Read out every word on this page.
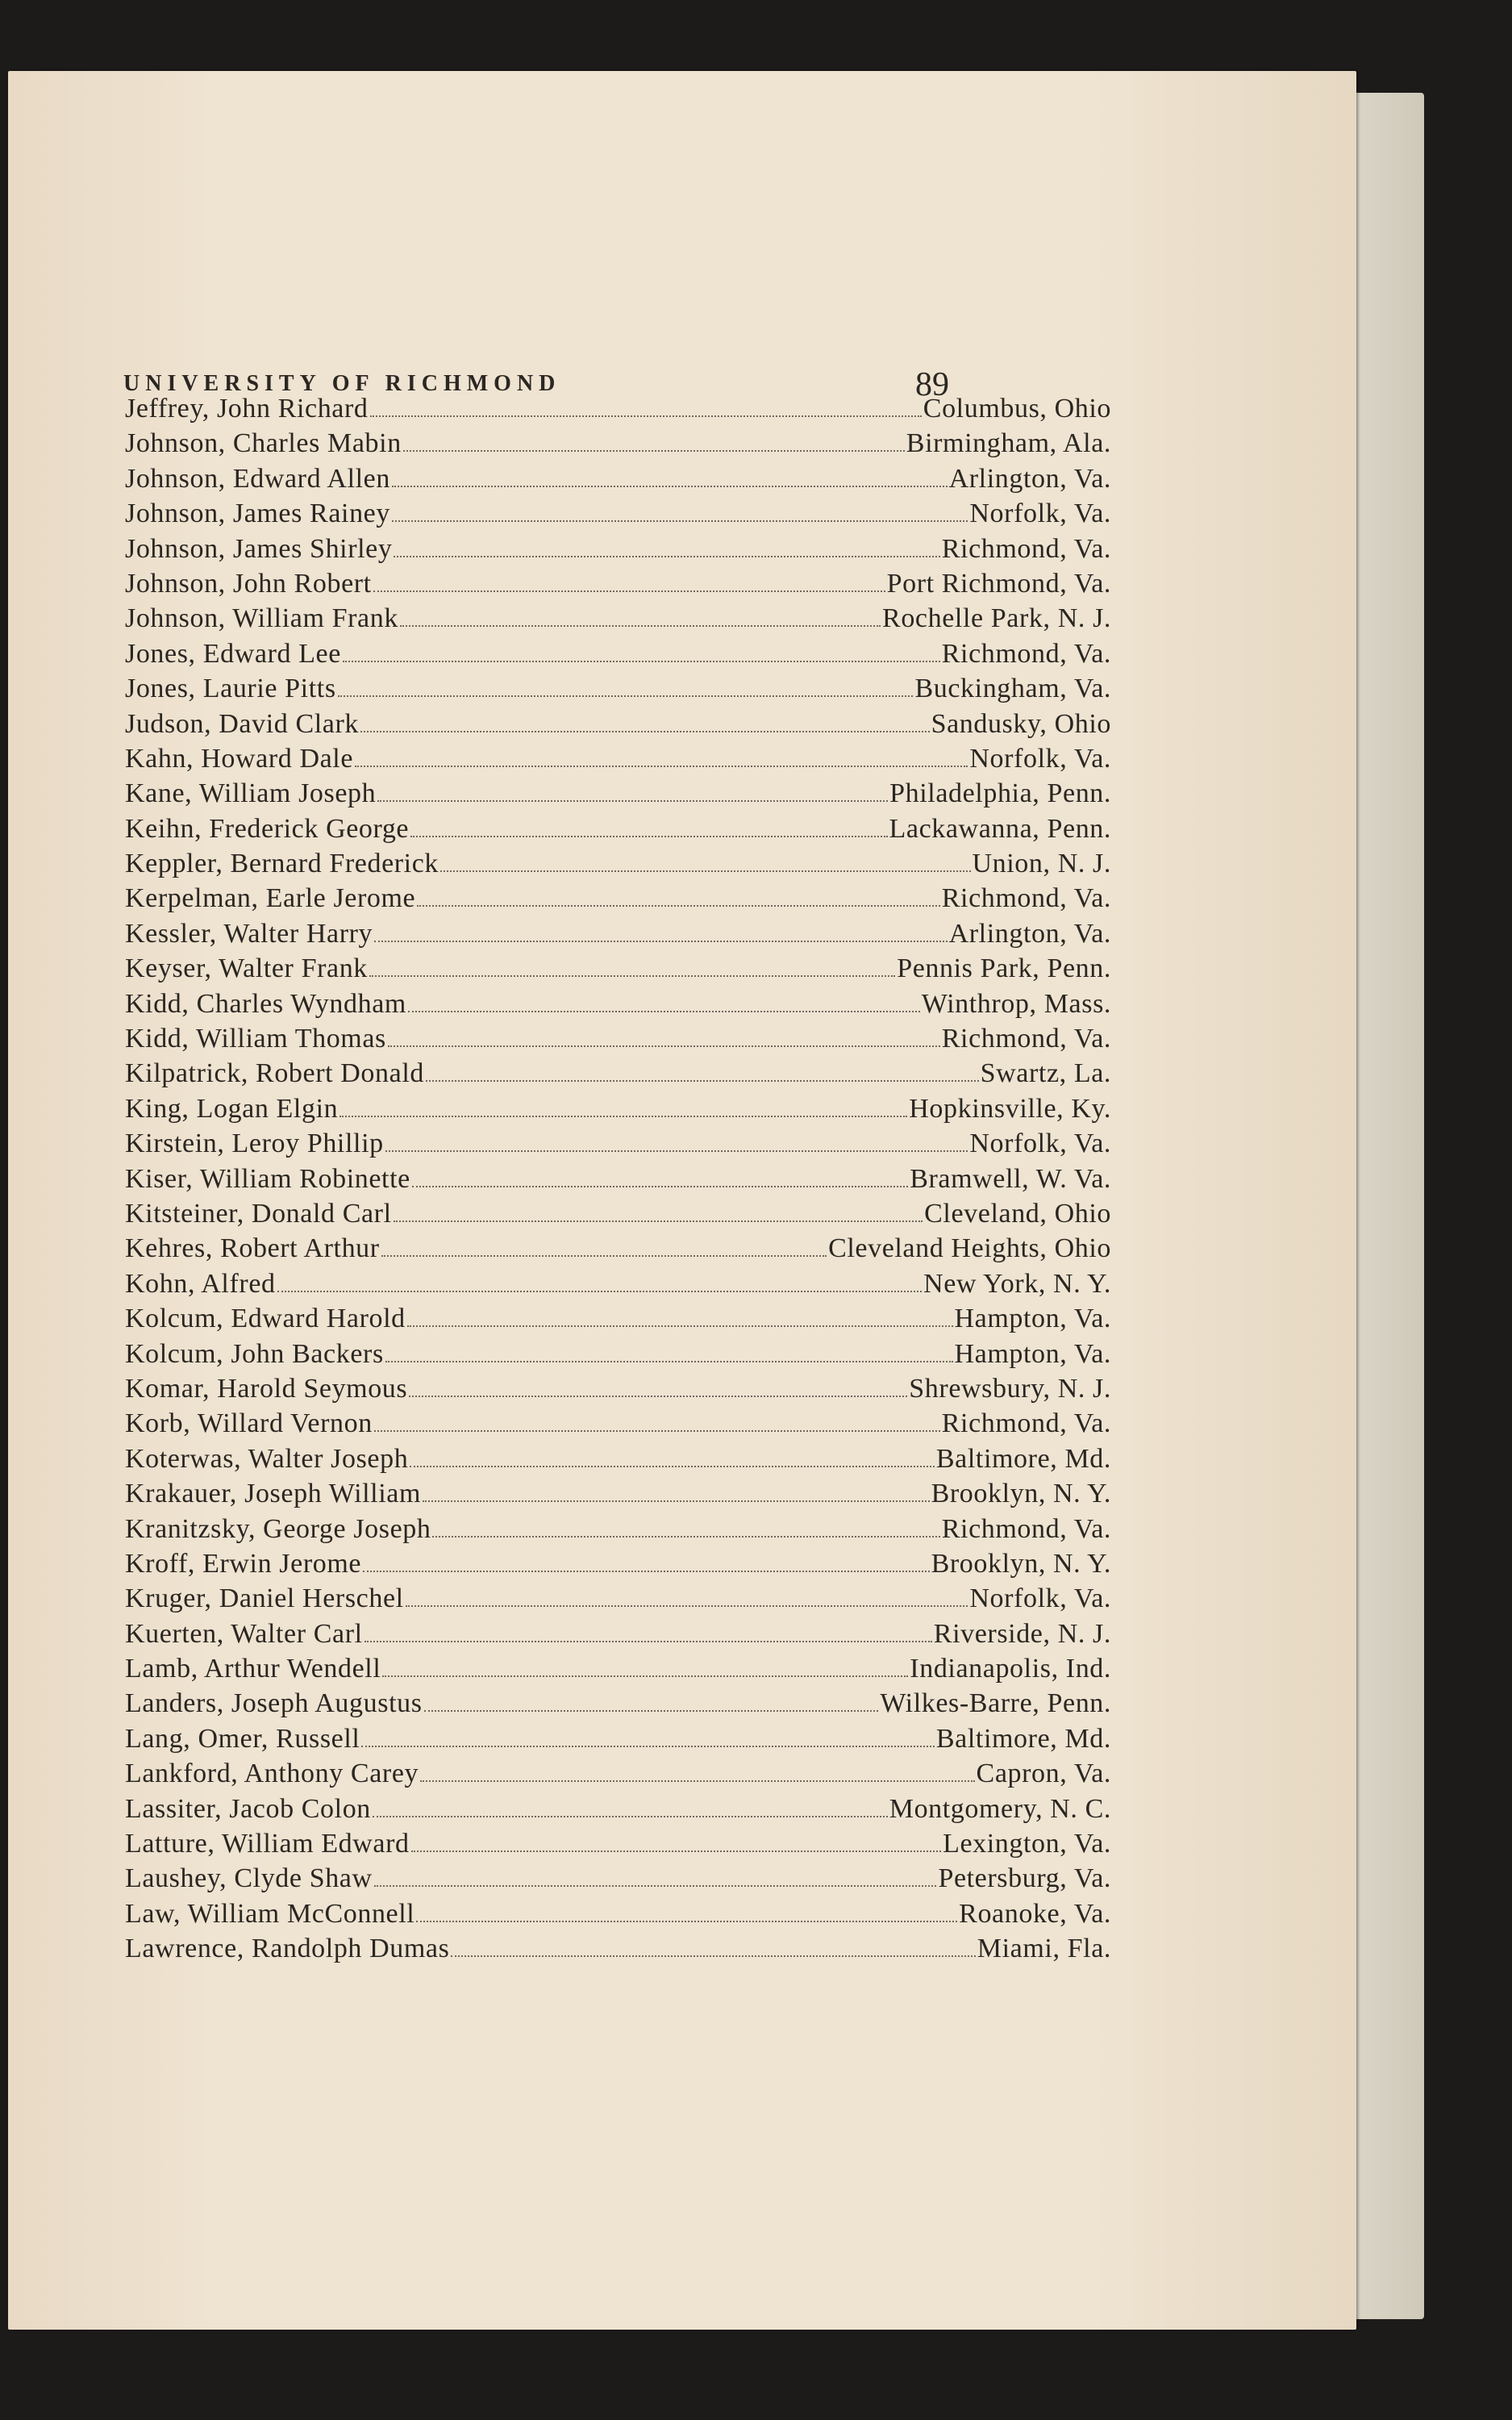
UNIVERSITY OF RICHMOND	89
Jeffrey, John Richard	Columbus, Ohio
Johnson, Charles Mabin	Birmingham, Ala.
Johnson, Edward Allen	Arlington, Va.
Johnson, James Rainey	Norfolk, Va.
Johnson, James Shirley	Richmond, Va.
Johnson, John Robert	Port Richmond, Va.
Johnson, William Frank	Rochelle Park, N. J.
Jones, Edward Lee	Richmond, Va.
Jones, Laurie Pitts	Buckingham, Va.
Judson, David Clark	Sandusky, Ohio
Kahn, Howard Dale	Norfolk, Va.
Kane, William Joseph	Philadelphia, Penn.
Keihn, Frederick George	Lackawanna, Penn.
Keppler, Bernard Frederick	Union, N. J.
Kerpelman, Earle Jerome	Richmond, Va.
Kessler, Walter Harry	Arlington, Va.
Keyser, Walter Frank	Pennis Park, Penn.
Kidd, Charles Wyndham	Winthrop, Mass.
Kidd, William Thomas	Richmond, Va.
Kilpatrick, Robert Donald	Swartz, La.
King, Logan Elgin	Hopkinsville, Ky.
Kirstein, Leroy Phillip	Norfolk, Va.
Kiser, William Robinette	Bramwell, W. Va.
Kitsteiner, Donald Carl	Cleveland, Ohio
Kehres, Robert Arthur	Cleveland Heights, Ohio
Kohn, Alfred	New York, N. Y.
Kolcum, Edward Harold	Hampton, Va.
Kolcum, John Backers	Hampton, Va.
Komar, Harold Seymous	Shrewsbury, N. J.
Korb, Willard Vernon	Richmond, Va.
Koterwas, Walter Joseph	Baltimore, Md.
Krakauer, Joseph William	Brooklyn, N. Y.
Kranitzsky, George Joseph	Richmond, Va.
Kroff, Erwin Jerome	Brooklyn, N. Y.
Kruger, Daniel Herschel	Norfolk, Va.
Kuerten, Walter Carl	Riverside, N. J.
Lamb, Arthur Wendell	Indianapolis, Ind.
Landers, Joseph Augustus	Wilkes-Barre, Penn.
Lang, Omer, Russell	Baltimore, Md.
Lankford, Anthony Carey	Capron, Va.
Lassiter, Jacob Colon	Montgomery, N. C.
Latture, William Edward	Lexington, Va.
Laushey, Clyde Shaw	Petersburg, Va.
Law, William McConnell	Roanoke, Va.
Lawrence, Randolph Dumas	Miami, Fla.
